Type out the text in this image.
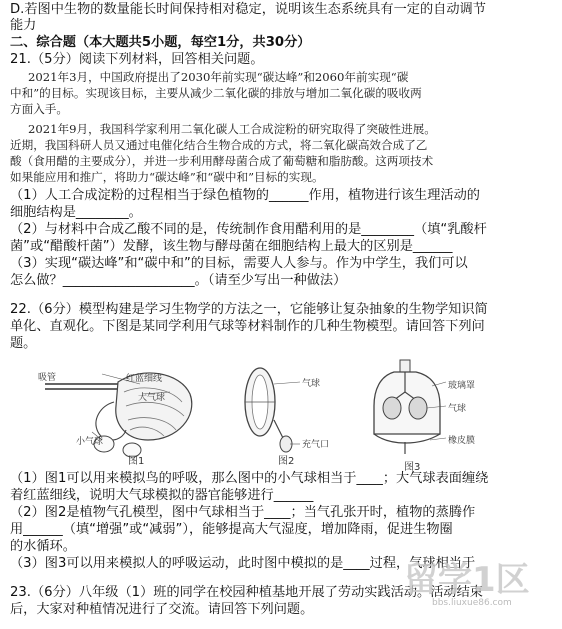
D.若图中生物的数量能长时间保持相对稳定，说明该生态系统具有一定的自动调节
能力
二、综合题（本大题共5小题，每空1分，共30分）
21.（5分）阅读下列材料，回答相关问题。
2021年3月，中国政府提出了2030年前实现“碳达峰”和2060年前实现“碳
中和”的目标。实现该目标，主要从减少二氧化碳的排放与增加二氧化碳的吸收两
方面入手。
2021年9月，我国科学家利用二氧化碳人工合成淀粉的研究取得了突破性进展。
近期，我国科研人员又通过电催化结合生物合成的方式，将二氧化碳高效合成了乙
酸（食用醋的主要成分），并进一步利用酵母菌合成了葡萄糖和脂肪酸。这两项技术
如果能应用和推广，将助力“碳达峰”和“碳中和”目标的实现。
（1）人工合成淀粉的过程相当于绿色植物的______作用，植物进行该生理活动的
细胞结构是________。
（2）与材料中合成乙酸不同的是，传统制作食用醋利用的是________（填“乳酸杆
菌”或“醋酸杆菌”）发酵，该生物与酵母菌在细胞结构上最大的区别是______
（3）实现“碳达峰”和“碳中和”的目标，需要人人参与。作为中学生，我们可以
怎么做？____________________。（请至少写出一种做法）
22.（6分）模型构建是学习生物学的方法之一，它能够让复杂抽象的生物学知识简
单化、直观化。下图是某同学利用气球等材料制作的几种生物模型。请回答下列问
题。
吸管	红蓝细线
大气球
小气球
图1
气球
充气口
图2
玻璃罩
气球
橡皮膜
图3
（1）图1可以用来模拟鸟的呼吸，那么图中的小气球相当于____；大气球表面缠绕
着红蓝细线，说明大气球模拟的器官能够进行______
（2）图2是植物气孔模型，图中气球相当于____；当气孔张开时，植物的蒸腾作
用______（填“增强”或“减弱”），能够提高大气湿度，增加降雨，促进生物圈
的水循环。
（3）图3可以用来模拟人的呼吸运动，此时图中模拟的是____过程，气球相当于
23.（6分）八年级（1）班的同学在校园种植基地开展了劳动实践活动。活动结束
后，大家对种植情况进行了交流。请回答下列问题。
留学1区
bbs.liuxue86.com
